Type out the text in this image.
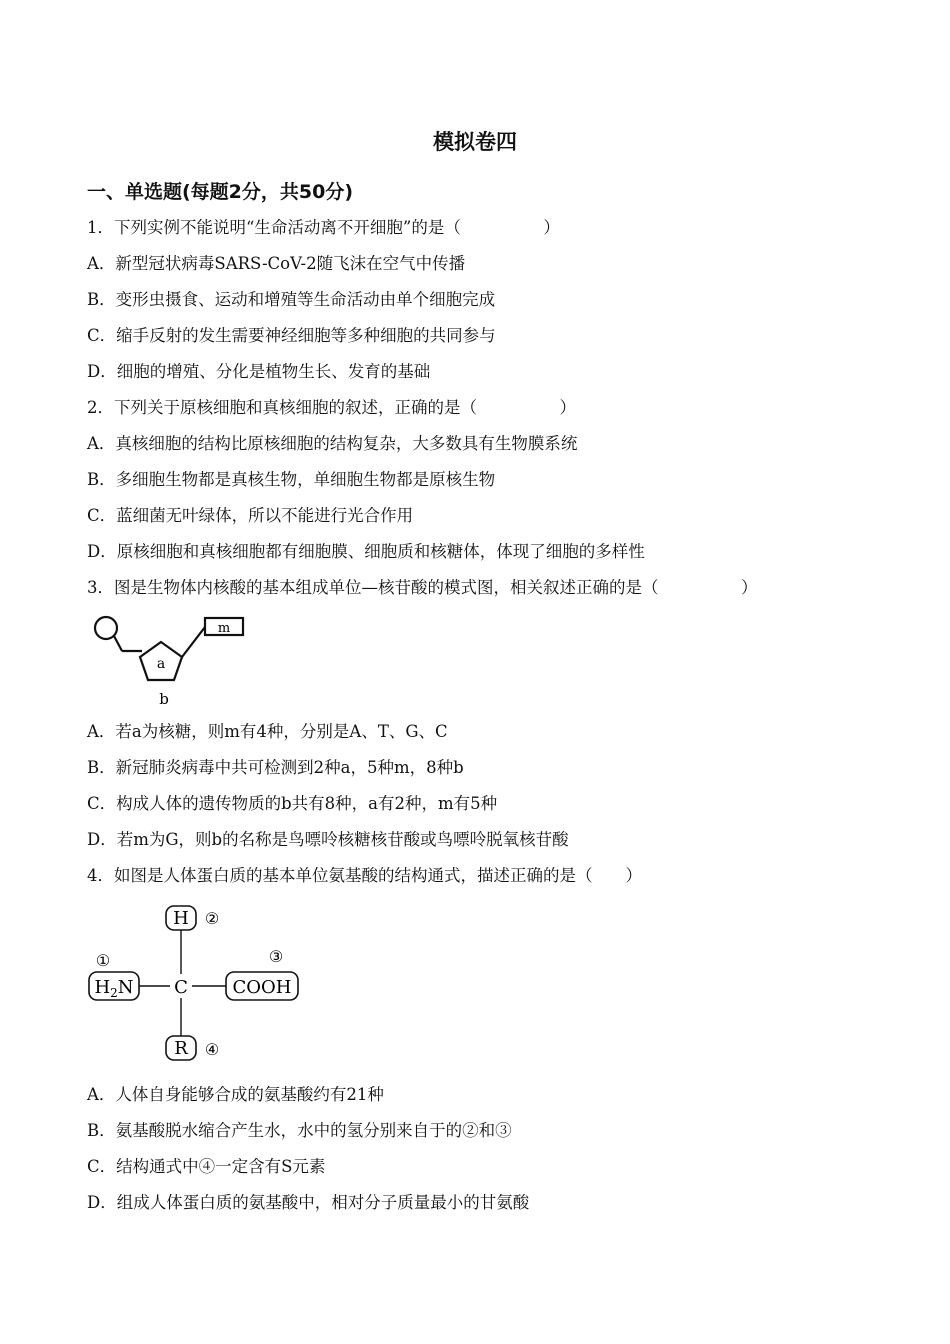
模拟卷四
一、单选题(每题2分，共50分)
1．下列实例不能说明“生命活动离不开细胞”的是（　　　　　）
A．新型冠状病毒SARS-CoV-2随飞沫在空气中传播
B．变形虫摄食、运动和增殖等生命活动由单个细胞完成
C．缩手反射的发生需要神经细胞等多种细胞的共同参与
D．细胞的增殖、分化是植物生长、发育的基础
2．下列关于原核细胞和真核细胞的叙述，正确的是（　　　　　）
A．真核细胞的结构比原核细胞的结构复杂，大多数具有生物膜系统
B．多细胞生物都是真核生物，单细胞生物都是原核生物
C．蓝细菌无叶绿体，所以不能进行光合作用
D．原核细胞和真核细胞都有细胞膜、细胞质和核糖体，体现了细胞的多样性
3．图是生物体内核酸的基本组成单位—核苷酸的模式图，相关叙述正确的是（　　　　　）
a
m
b
A．若a为核糖，则m有4种，分别是A、T、G、C
B．新冠肺炎病毒中共可检测到2种a，5种m，8种b
C．构成人体的遗传物质的b共有8种，a有2种，m有5种
D．若m为G，则b的名称是鸟嘌呤核糖核苷酸或鸟嘌呤脱氧核苷酸
4．如图是人体蛋白质的基本单位氨基酸的结构通式，描述正确的是（　　）
H ②
①	③
$H_2N$ C COOH
R ④
A．人体自身能够合成的氨基酸约有21种
B．氨基酸脱水缩合产生水，水中的氢分别来自于的②和③
C．结构通式中④一定含有S元素
D．组成人体蛋白质的氨基酸中，相对分子质量最小的甘氨酸
